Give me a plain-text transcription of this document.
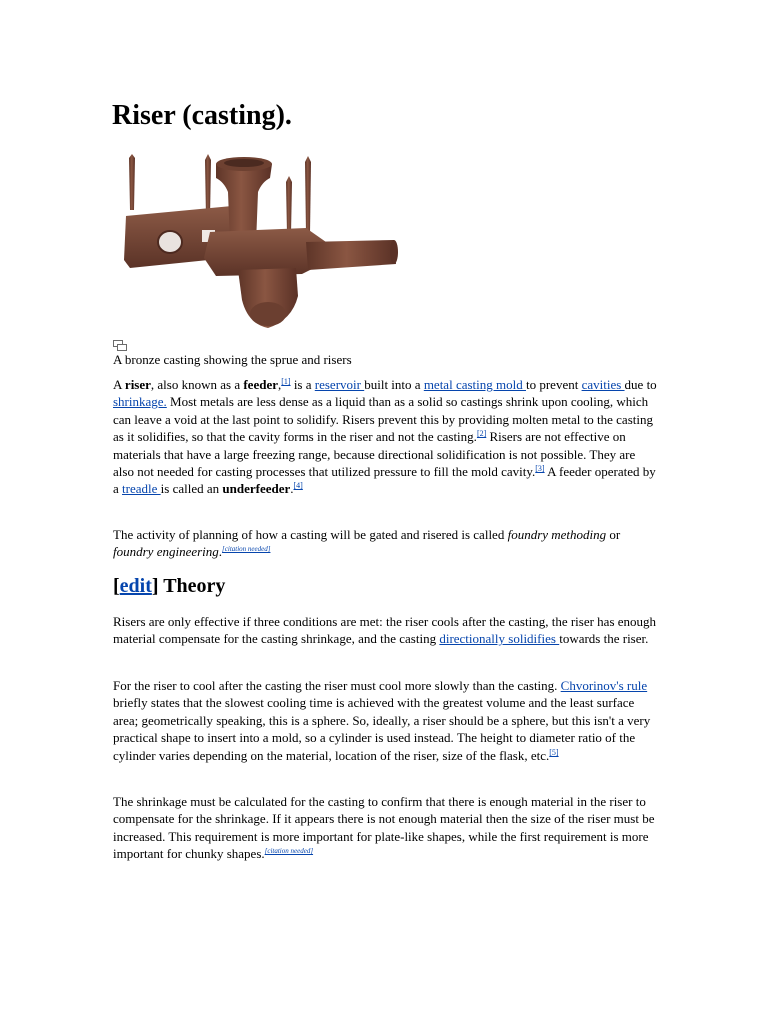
Riser (casting).
A bronze casting showing the sprue and risers

A riser, also known as a feeder,[1] is a reservoir built into a metal casting mold to prevent cavities due to shrinkage. Most metals are less dense as a liquid than as a solid so castings shrink upon cooling, which can leave a void at the last point to solidify. Risers prevent this by providing molten metal to the casting as it solidifies, so that the cavity forms in the riser and not the casting.[2] Risers are not effective on materials that have a large freezing range, because directional solidification is not possible. They are also not needed for casting processes that utilized pressure to fill the mold cavity.[3] A feeder operated by a treadle is called an underfeeder.[4]

The activity of planning of how a casting will be gated and risered is called foundry methoding or foundry engineering.[citation needed]

[edit] Theory

Risers are only effective if three conditions are met: the riser cools after the casting, the riser has enough material compensate for the casting shrinkage, and the casting directionally solidifies towards the riser.

For the riser to cool after the casting the riser must cool more slowly than the casting. Chvorinov's rule briefly states that the slowest cooling time is achieved with the greatest volume and the least surface area; geometrically speaking, this is a sphere. So, ideally, a riser should be a sphere, but this isn't a very practical shape to insert into a mold, so a cylinder is used instead. The height to diameter ratio of the cylinder varies depending on the material, location of the riser, size of the flask, etc.[5]

The shrinkage must be calculated for the casting to confirm that there is enough material in the riser to compensate for the shrinkage. If it appears there is not enough material then the size of the riser must be increased. This requirement is more important for plate-like shapes, while the first requirement is more important for chunky shapes.[citation needed]
